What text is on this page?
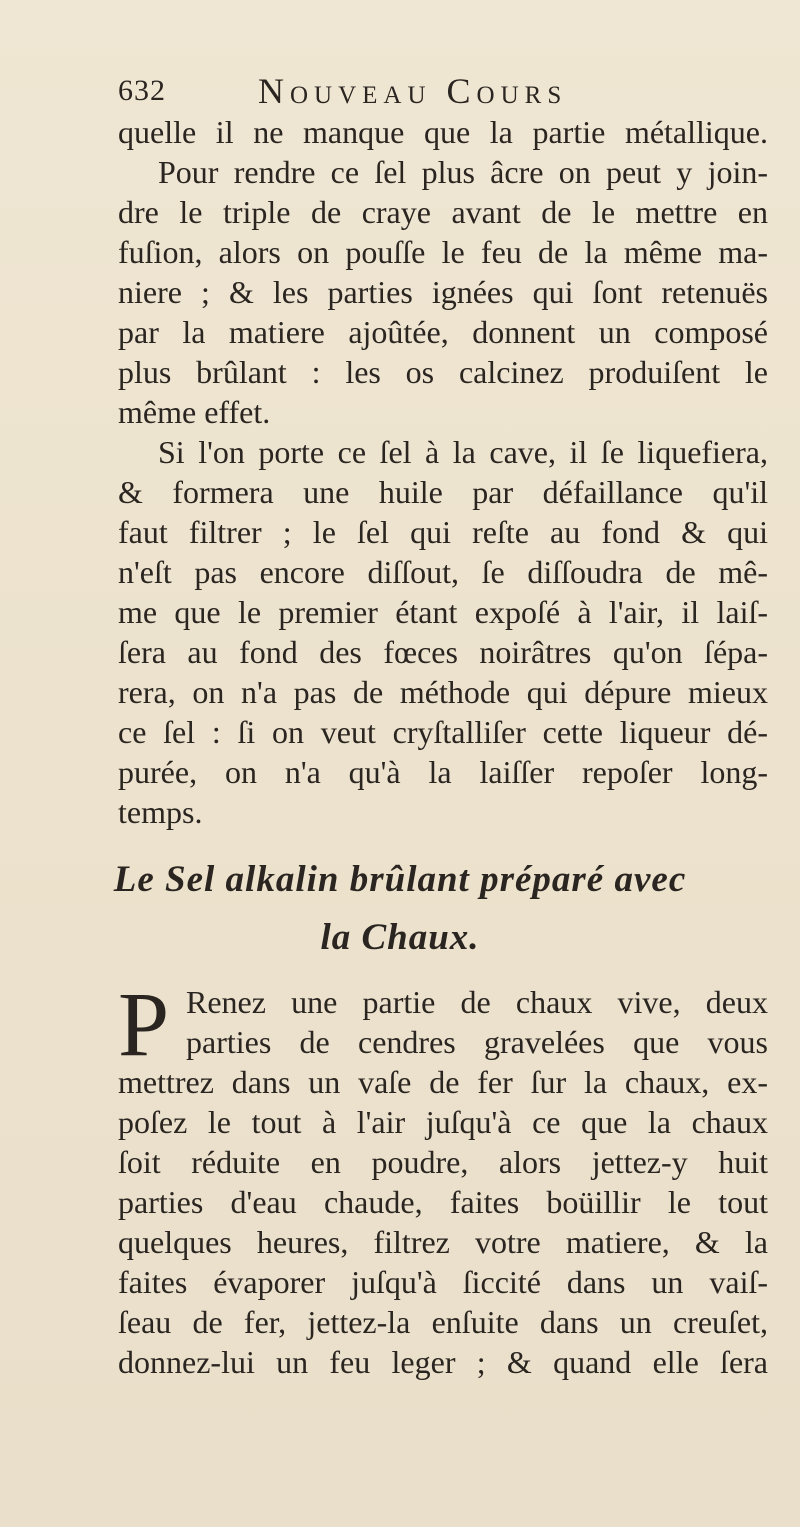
632	Nouveau Cours
quelle il ne manque que la partie métallique.
Pour rendre ce ſel plus âcre on peut y join-
dre le triple de craye avant de le mettre en
fuſion, alors on pouſſe le feu de la même ma-
niere ; & les parties ignées qui ſont retenuës
par la matiere ajoûtée, donnent un composé
plus brûlant : les os calcinez produiſent le
même effet.
Si l'on porte ce ſel à la cave, il ſe liquefiera,
& formera une huile par défaillance qu'il
faut filtrer ; le ſel qui reſte au fond & qui
n'eſt pas encore diſſout, ſe diſſoudra de mê-
me que le premier étant expoſé à l'air, il laiſ-
ſera au fond des fœces noirâtres qu'on ſépa-
rera, on n'a pas de méthode qui dépure mieux
ce ſel : ſi on veut cryſtalliſer cette liqueur dé-
purée, on n'a qu'à la laiſſer repoſer long-
temps.
Le Sel alkalin brûlant préparé avec
la Chaux.
P Renez une partie de chaux vive, deux
parties de cendres gravelées que vous
mettrez dans un vaſe de fer ſur la chaux, ex-
poſez le tout à l'air juſqu'à ce que la chaux
ſoit réduite en poudre, alors jettez-y huit
parties d'eau chaude, faites boüillir le tout
quelques heures, filtrez votre matiere, & la
faites évaporer juſqu'à ſiccité dans un vaiſ-
ſeau de fer, jettez-la enſuite dans un creuſet,
donnez-lui un feu leger ; & quand elle ſera
